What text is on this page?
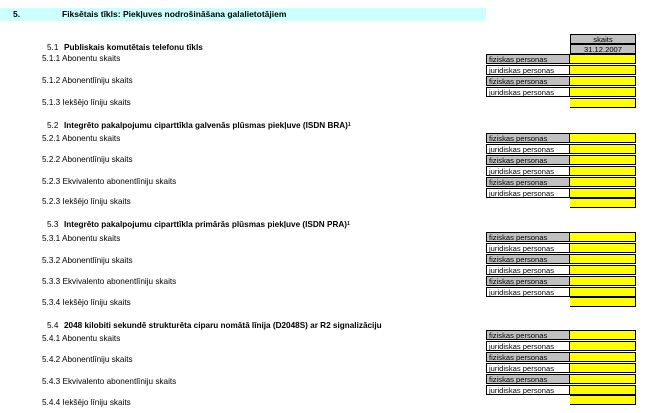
5.	Fiksētais tīkls: Piekļuves nodrošināšana galalietotājiem
skaits
31.12.2007
5.1 Publiskais komutētais telefonu tīkls
5.1.1 Abonentu skaits
5.1.2 Abonentlīniju skaits
5.1.3 Iekšējo līniju skaits
fiziskas personas
juridiskas personas
fiziskas personas
juridiskas personas
5.2 Integrēto pakalpojumu ciparttīkla galvenās plūsmas piekļuve (ISDN BRA)$^1$
5.2.1 Abonentu skaits
5.2.2 Abonentlīniju skaits
5.2.3 Ekvivalento abonentlīniju skaits
5.2.3 Iekšējo līniju skaits
fiziskas personas
juridiskas personas
fiziskas personas
juridiskas personas
fiziskas personas
juridiskas personas
5.3 Integrēto pakalpojumu ciparttīkla primārās plūsmas piekļuve (ISDN PRA)$^1$
5.3.1 Abonentu skaits
5.3.2 Abonentlīniju skaits
5.3.3 Ekvivalento abonentlīniju skaits
5.3.4 Iekšējo līniju skaits
fiziskas personas
juridiskas personas
fiziskas personas
juridiskas personas
fiziskas personas
juridiskas personas
5.4 2048 kilobiti sekundē strukturēta ciparu nomātā līnija (D2048S) ar R2 signalizāciju
5.4.1 Abonentu skaits
5.4.2 Abonentlīniju skaits
5.4.3 Ekvivalento abonentlīniju skaits
5.4.4 Iekšējo līniju skaits
fiziskas personas
juridiskas personas
fiziskas personas
juridiskas personas
fiziskas personas
juridiskas personas
